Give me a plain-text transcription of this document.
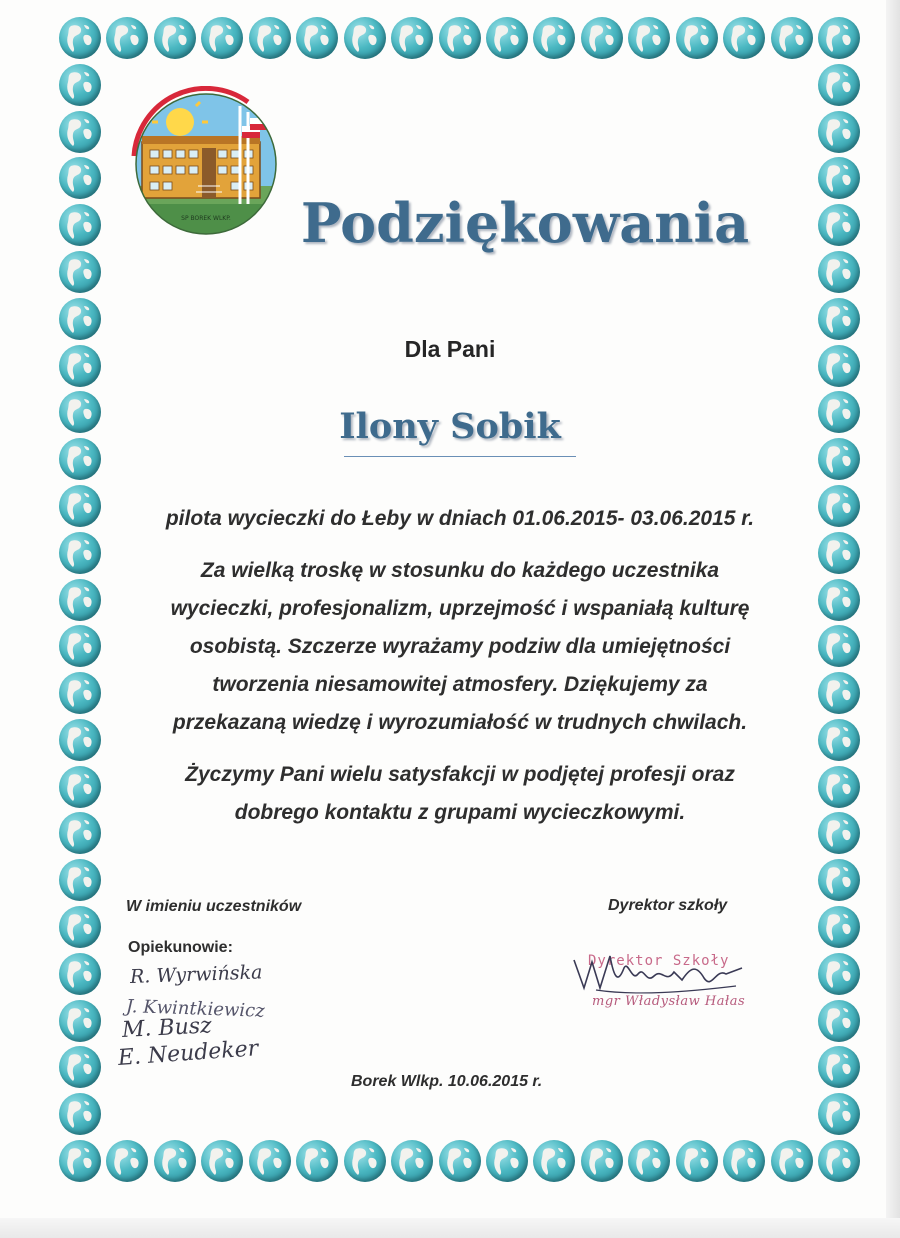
SP BOREK WLKP. Podziękowania

Dla Pani

Ilony Sobik

pilota wycieczki do Łeby w dniach 01.06.2015- 03.06.2015 r.

Za wielką troskę w stosunku do każdego uczestnika
wycieczki, profesjonalizm, uprzejmość i wspaniałą kulturę
osobistą. Szczerze wyrażamy podziw dla umiejętności
tworzenia niesamowitej atmosfery. Dziękujemy za
przekazaną wiedzę i wyrozumiałość w trudnych chwilach.
Życzymy Pani wielu satysfakcji w podjętej profesji oraz
dobrego kontaktu z grupami wycieczkowymi.

W imieniu uczestników	Dyrektor szkoły

Opiekunowie:

R. Wyrwińska

J. Kwintkiewicz

M. Busz

E. Neudeker

Dyrektor Szkoły

mgr Władysław Hałas

Borek Wlkp. 10.06.2015 r.
